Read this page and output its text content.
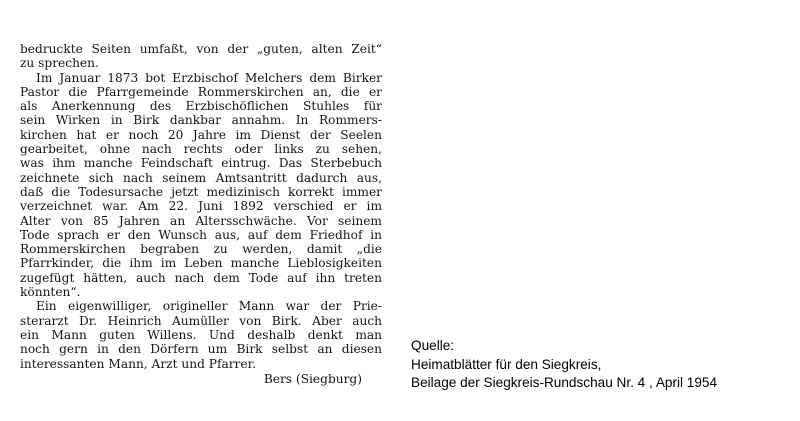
bedruckte Seiten umfaßt, von der „guten, alten Zeit“
zu sprechen.
Im Januar 1873 bot Erzbischof Melchers dem Birker
Pastor die Pfarrgemeinde Rommerskirchen an, die er
als Anerkennung des Erzbischöflichen Stuhles für
sein Wirken in Birk dankbar annahm. In Rommers-
kirchen hat er noch 20 Jahre im Dienst der Seelen
gearbeitet, ohne nach rechts oder links zu sehen,
was ihm manche Feindschaft eintrug. Das Sterbebuch
zeichnete sich nach seinem Amtsantritt dadurch aus,
daß die Todesursache jetzt medizinisch korrekt immer
verzeichnet war. Am 22. Juni 1892 verschied er im
Alter von 85 Jahren an Altersschwäche. Vor seinem
Tode sprach er den Wunsch aus, auf dem Friedhof in
Rommerskirchen begraben zu werden, damit „die
Pfarrkinder, die ihm im Leben manche Lieblosigkeiten
zugefügt hätten, auch nach dem Tode auf ihn treten
könnten“.
Ein eigenwilliger, origineller Mann war der Prie-
sterarzt Dr. Heinrich Aumüller von Birk. Aber auch
ein Mann guten Willens. Und deshalb denkt man
noch gern in den Dörfern um Birk selbst an diesen
interessanten Mann, Arzt und Pfarrer.
Bers (Siegburg)
Quelle:
Heimatblätter für den Siegkreis,
Beilage der Siegkreis-Rundschau Nr. 4 , April 1954
